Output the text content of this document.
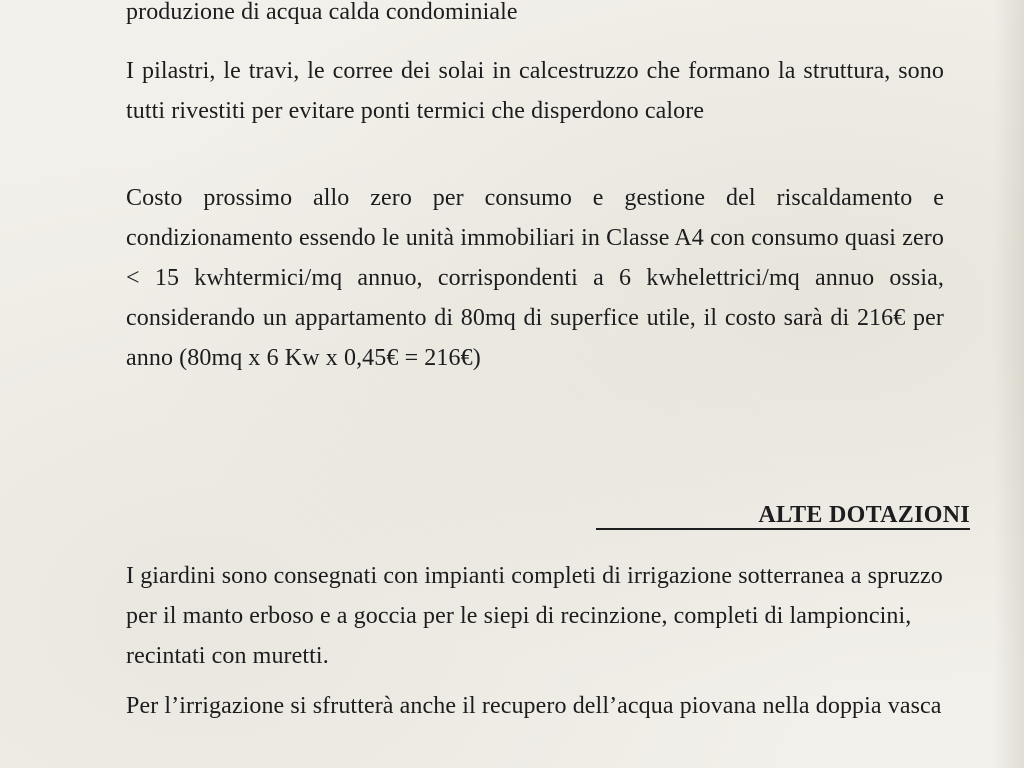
produzione di acqua calda condominiale

I pilastri, le travi, le correе dei solai in calcestruzzo che formano la struttura, sono tutti rivestiti per evitare ponti termici che disperdono calore

Costo prossimo allo zero per consumo e gestione del riscaldamento e condizionamento essendo le unità immobiliari in Classe A4 con consumo quasi zero < 15 kwhtermici/mq annuo, corrispondenti a 6 kwhelettrici/mq annuo ossia, considerando un appartamento di 80mq di superfice utile, il costo sarà di 216€ per anno (80mq x 6 Kw x 0,45€ = 216€)

ALTE DOTAZIONI

I giardini sono consegnati con impianti completi di irrigazione sotterranea a spruzzo per il manto erboso e a goccia per le siepi di recinzione, completi di lampioncini, recintati con muretti.

Per l’irrigazione si sfrutterà anche il recupero dell’acqua piovana nella doppia vasca
